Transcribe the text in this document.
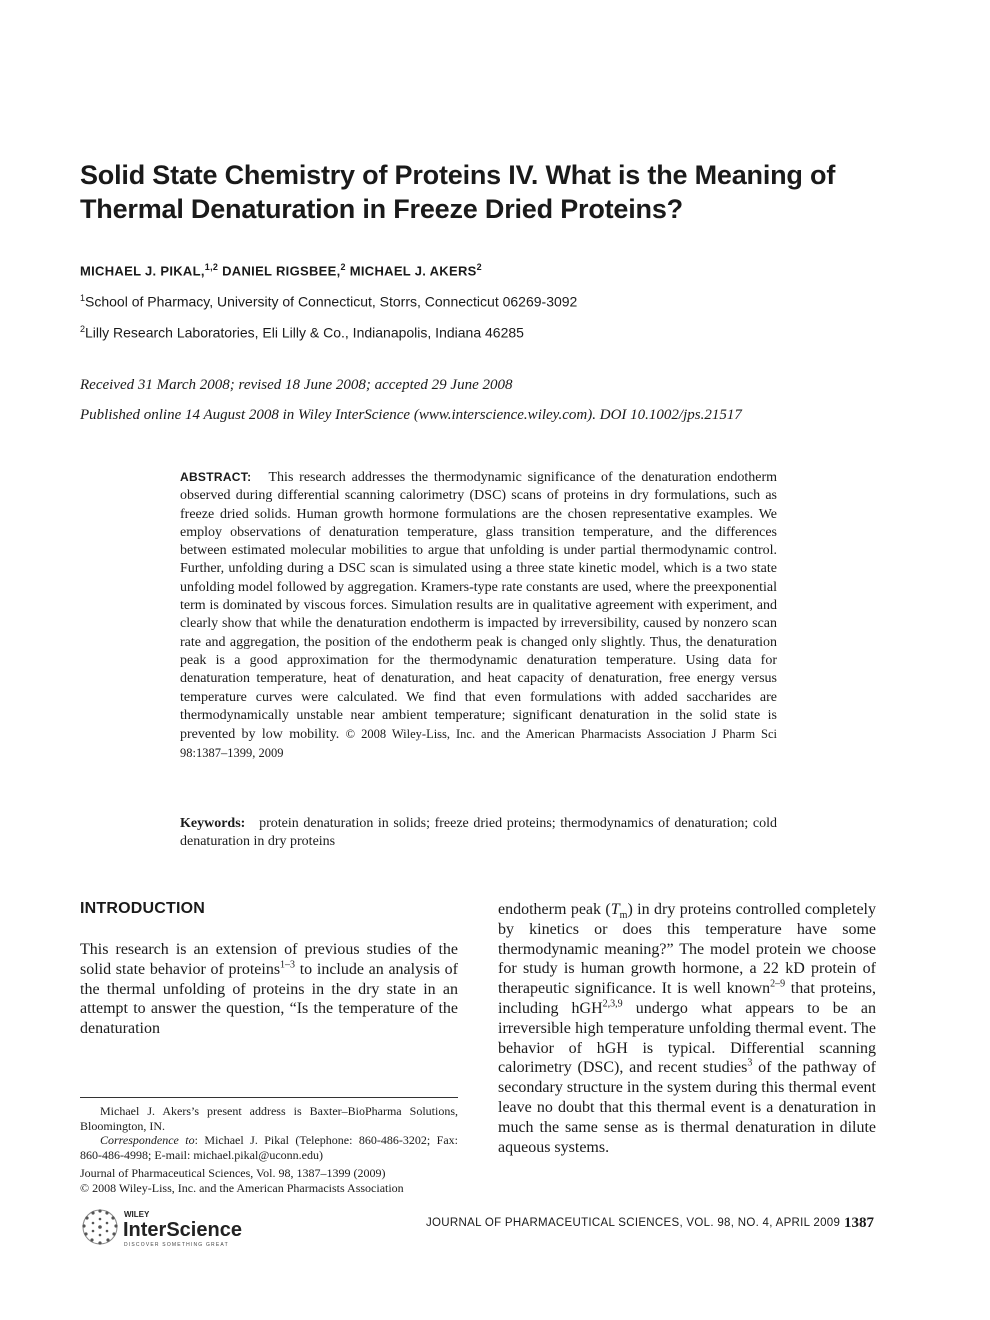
Solid State Chemistry of Proteins IV. What is the Meaning of Thermal Denaturation in Freeze Dried Proteins?
MICHAEL J. PIKAL,$^{1,2}$ DANIEL RIGSBEE,$^2$ MICHAEL J. AKERS$^2$
$^1$School of Pharmacy, University of Connecticut, Storrs, Connecticut 06269-3092
$^2$Lilly Research Laboratories, Eli Lilly & Co., Indianapolis, Indiana 46285
Received 31 March 2008; revised 18 June 2008; accepted 29 June 2008
Published online 14 August 2008 in Wiley InterScience (www.interscience.wiley.com). DOI 10.1002/jps.21517
ABSTRACT: This research addresses the thermodynamic significance of the denaturation endotherm observed during differential scanning calorimetry (DSC) scans of proteins in dry formulations, such as freeze dried solids. Human growth hormone formulations are the chosen representative examples. We employ observations of denaturation temperature, glass transition temperature, and the differences between estimated molecular mobilities to argue that unfolding is under partial thermodynamic control. Further, unfolding during a DSC scan is simulated using a three state kinetic model, which is a two state unfolding model followed by aggregation. Kramers-type rate constants are used, where the preexponential term is dominated by viscous forces. Simulation results are in qualitative agreement with experiment, and clearly show that while the denaturation endotherm is impacted by irreversibility, caused by nonzero scan rate and aggregation, the position of the endotherm peak is changed only slightly. Thus, the denaturation peak is a good approximation for the thermodynamic denaturation temperature. Using data for denaturation temperature, heat of denaturation, and heat capacity of denaturation, free energy versus temperature curves were calculated. We find that even formulations with added saccharides are thermodynamically unstable near ambient temperature; significant denaturation in the solid state is prevented by low mobility. © 2008 Wiley-Liss, Inc. and the American Pharmacists Association J Pharm Sci 98:1387–1399, 2009
Keywords: protein denaturation in solids; freeze dried proteins; thermodynamics of denaturation; cold denaturation in dry proteins
INTRODUCTION
This research is an extension of previous studies of the solid state behavior of proteins$^{1-3}$ to include an analysis of the thermal unfolding of proteins in the dry state in an attempt to answer the question, “Is the temperature of the denaturation
endotherm peak $(T_m)$ in dry proteins controlled completely by kinetics or does this temperature have some thermodynamic meaning?” The model protein we choose for study is human growth hormone, a 22 kD protein of therapeutic significance. It is well known$^{2-9}$ that proteins, including hGH$^{2,3,9}$ undergo what appears to be an irreversible high temperature unfolding thermal event. The behavior of hGH is typical. Differential scanning calorimetry (DSC), and recent studies$^3$ of the pathway of secondary structure in the system during this thermal event leave no doubt that this thermal event is a denaturation in much the same sense as is thermal denaturation in dilute aqueous systems.

Michael J. Akers’s present address is Baxter–BioPharma Solutions, Bloomington, IN.

Correspondence to: Michael J. Pikal (Telephone: 860-486-3202; Fax: 860-486-4998; E-mail: michael.pikal@uconn.edu)

Journal of Pharmaceutical Sciences, Vol. 98, 1387–1399 (2009)

© 2008 Wiley-Liss, Inc. and the American Pharmacists Association

WILEY
InterScience
DISCOVER SOMETHING GREAT
JOURNAL OF PHARMACEUTICAL SCIENCES, VOL. 98, NO. 4, APRIL 2009 1387
